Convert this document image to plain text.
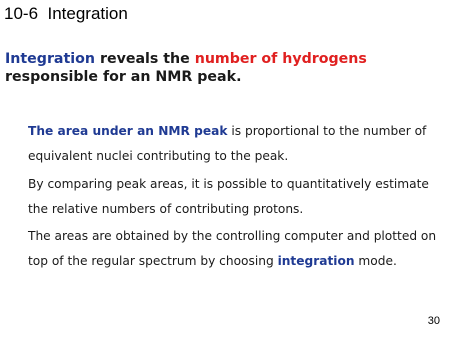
10-6  Integration
Integration reveals the number of hydrogens responsible for an NMR peak.
The area under an NMR peak is proportional to the number of equivalent nuclei contributing to the peak.
By comparing peak areas, it is possible to quantitatively estimate the relative numbers of contributing protons.
The areas are obtained by the controlling computer and plotted on top of the regular spectrum by choosing integration mode.
30
